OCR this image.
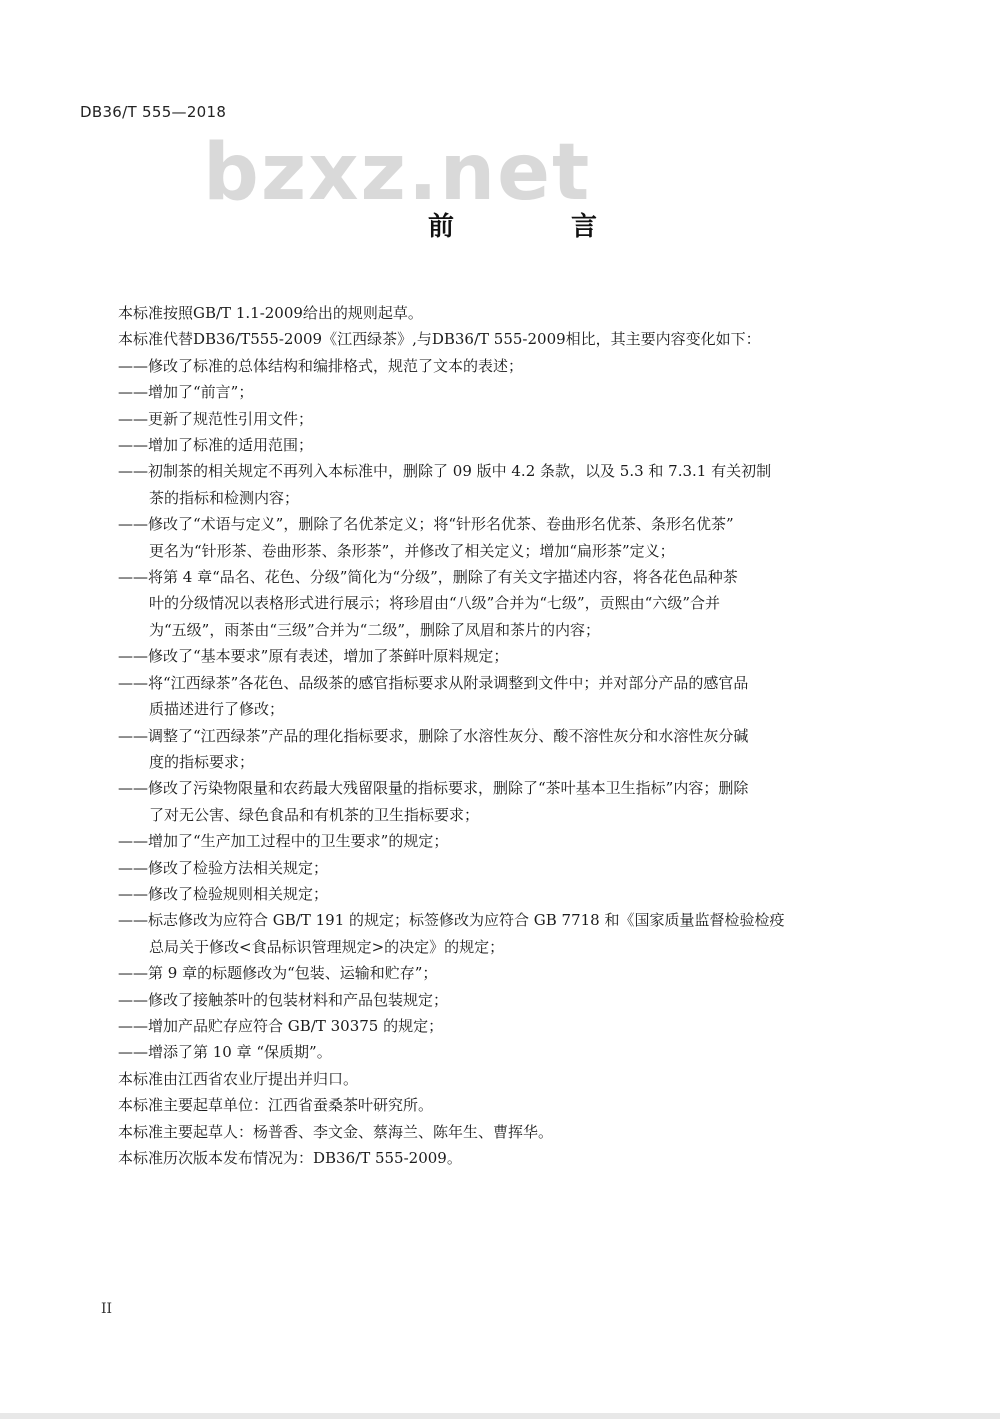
DB36/T 555—2018
bzxz.net
前 言
本标准按照GB/T 1.1-2009给出的规则起草。
本标准代替DB36/T555-2009《江西绿茶》,与DB36/T 555-2009相比，其主要内容变化如下：
——修改了标准的总体结构和编排格式，规范了文本的表述；
——增加了“前言”；
——更新了规范性引用文件；
——增加了标准的适用范围；
——初制茶的相关规定不再列入本标准中，删除了 09 版中 4.2 条款，以及 5.3 和 7.3.1 有关初制
茶的指标和检测内容；
——修改了“术语与定义”，删除了名优茶定义；将“针形名优茶、卷曲形名优茶、条形名优茶”
更名为“针形茶、卷曲形茶、条形茶”，并修改了相关定义；增加“扁形茶”定义；
——将第 4 章“品名、花色、分级”简化为“分级”，删除了有关文字描述内容，将各花色品种茶
叶的分级情况以表格形式进行展示；将珍眉由“八级”合并为“七级”，贡熙由“六级”合并
为“五级”，雨茶由“三级”合并为“二级”，删除了凤眉和茶片的内容；
——修改了“基本要求”原有表述，增加了茶鲜叶原料规定；
——将“江西绿茶”各花色、品级茶的感官指标要求从附录调整到文件中；并对部分产品的感官品
质描述进行了修改；
——调整了“江西绿茶”产品的理化指标要求，删除了水溶性灰分、酸不溶性灰分和水溶性灰分碱
度的指标要求；
——修改了污染物限量和农药最大残留限量的指标要求，删除了“茶叶基本卫生指标”内容；删除
了对无公害、绿色食品和有机茶的卫生指标要求；
——增加了“生产加工过程中的卫生要求”的规定；
——修改了检验方法相关规定；
——修改了检验规则相关规定；
——标志修改为应符合 GB/T 191 的规定；标签修改为应符合 GB 7718 和《国家质量监督检验检疫
总局关于修改<食品标识管理规定>的决定》的规定；
——第 9 章的标题修改为“包装、运输和贮存”；
——修改了接触茶叶的包装材料和产品包装规定；
——增加产品贮存应符合 GB/T 30375 的规定；
——增添了第 10 章 “保质期”。
本标准由江西省农业厅提出并归口。
本标准主要起草单位：江西省蚕桑茶叶研究所。
本标准主要起草人：杨普香、李文金、蔡海兰、陈年生、曹挥华。
本标准历次版本发布情况为：DB36/T 555-2009。
II
